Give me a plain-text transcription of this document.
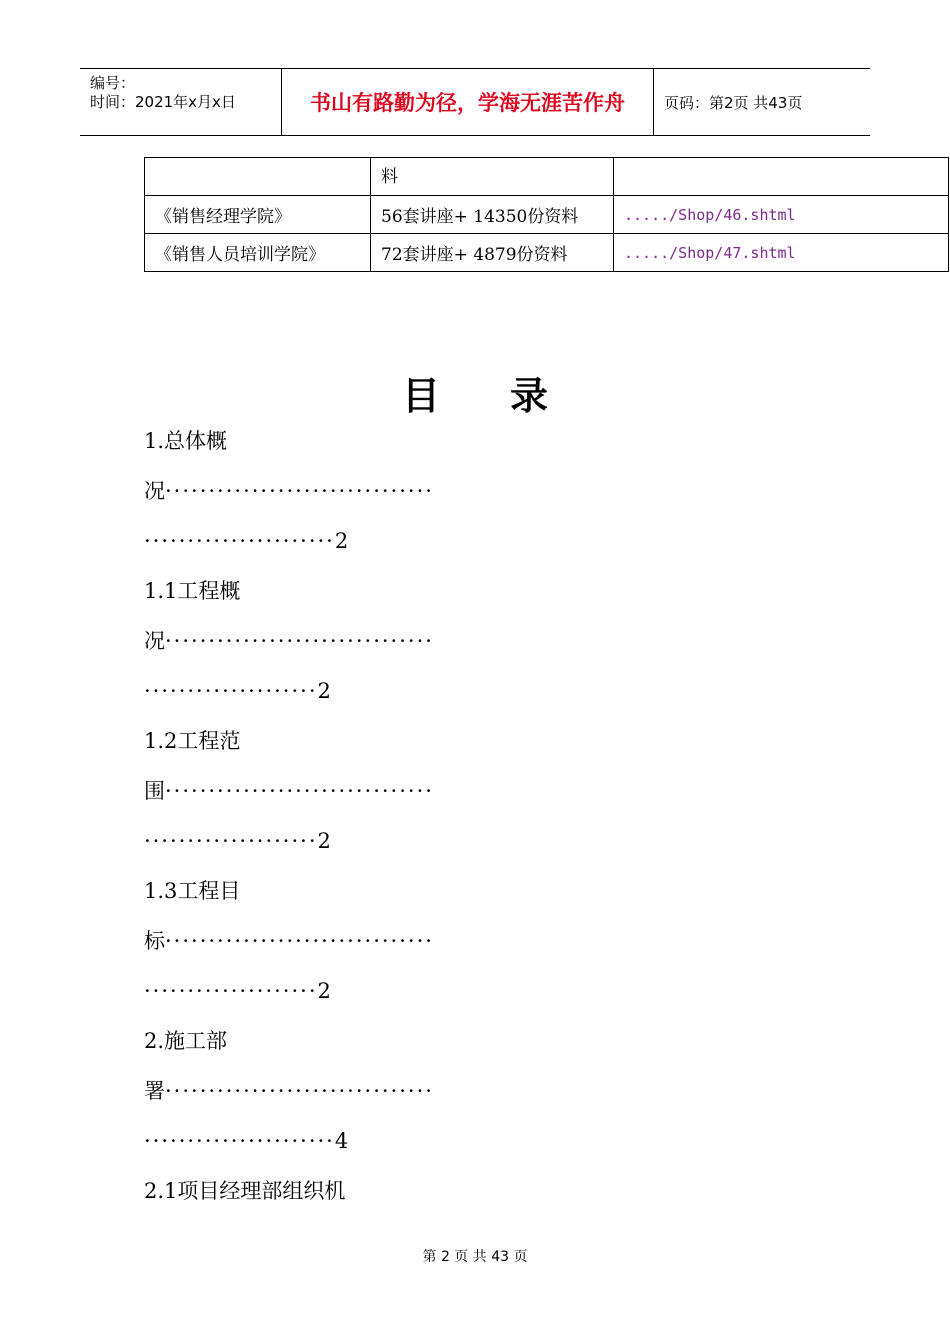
编号：
时间：2021年x月x日	书山有路勤为径，学海无涯苦作舟	页码：第2页 共43页
	料	
《销售经理学院》	56套讲座+ 14350份资料	...../Shop/46.shtml
《销售人员培训学院》	72套讲座+ 4879份资料	...../Shop/47.shtml
目 录
1.总体概
况·······························
······················2
1.1工程概
况·······························
····················2
1.2工程范
围·······························
····················2
1.3工程目
标·······························
····················2
2.施工部
署·······························
······················4
2.1项目经理部组织机
第 2 页 共 43 页
